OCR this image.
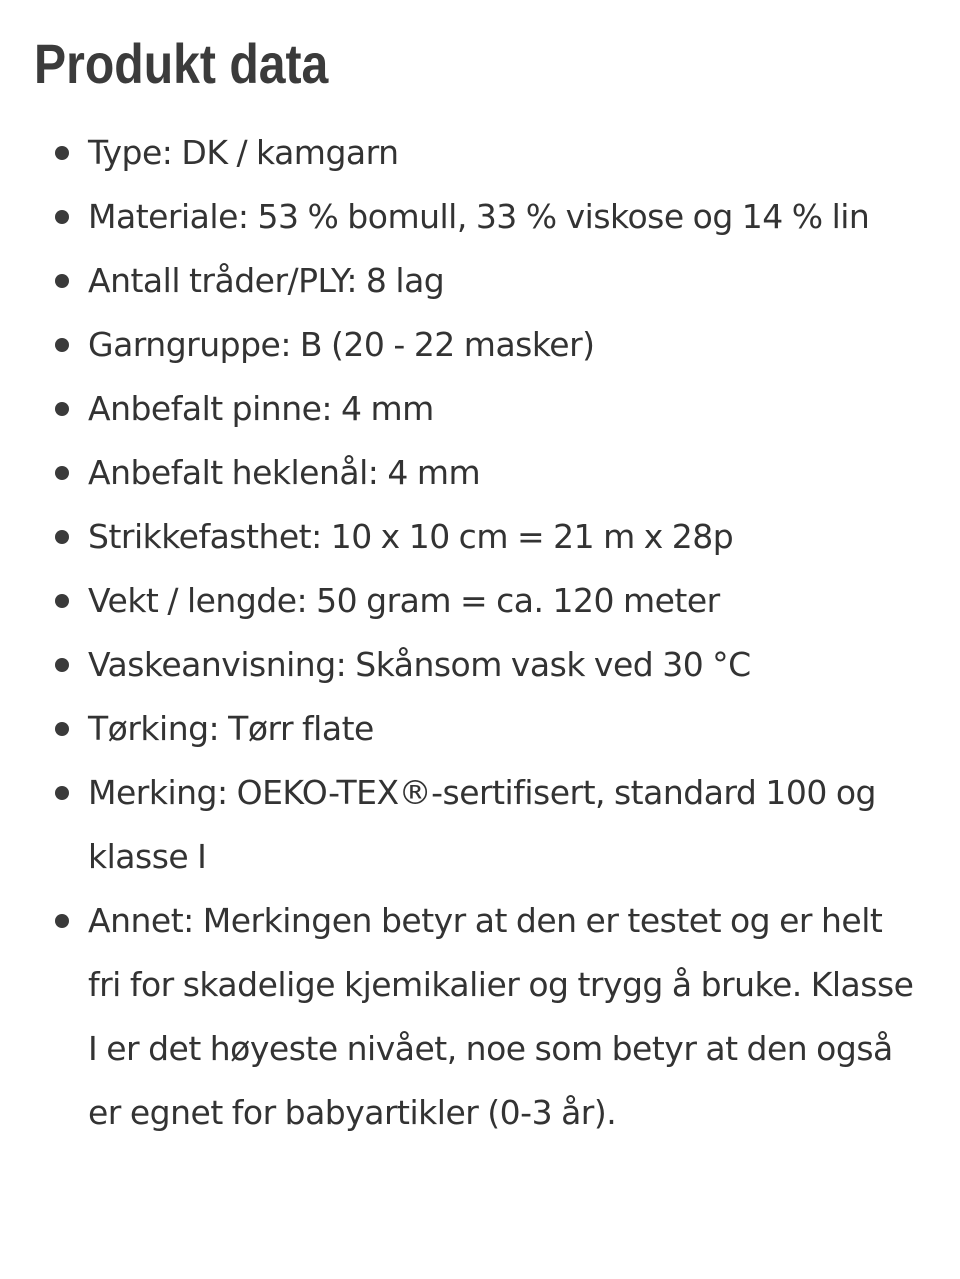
Produkt data
Type: DK / kamgarn
Materiale: 53 % bomull, 33 % viskose og 14 % lin
Antall tråder/PLY: 8 lag
Garngruppe: B (20 - 22 masker)
Anbefalt pinne: 4 mm
Anbefalt heklenål: 4 mm
Strikkefasthet: 10 x 10 cm = 21 m x 28p
Vekt / lengde: 50 gram = ca. 120 meter
Vaskeanvisning: Skånsom vask ved 30 °C
Tørking: Tørr flate
Merking: OEKO-TEX®-sertifisert, standard 100 og klasse I
Annet: Merkingen betyr at den er testet og er helt fri for skadelige kjemikalier og trygg å bruke. Klasse I er det høyeste nivået, noe som betyr at den også er egnet for babyartikler (0-3 år).
